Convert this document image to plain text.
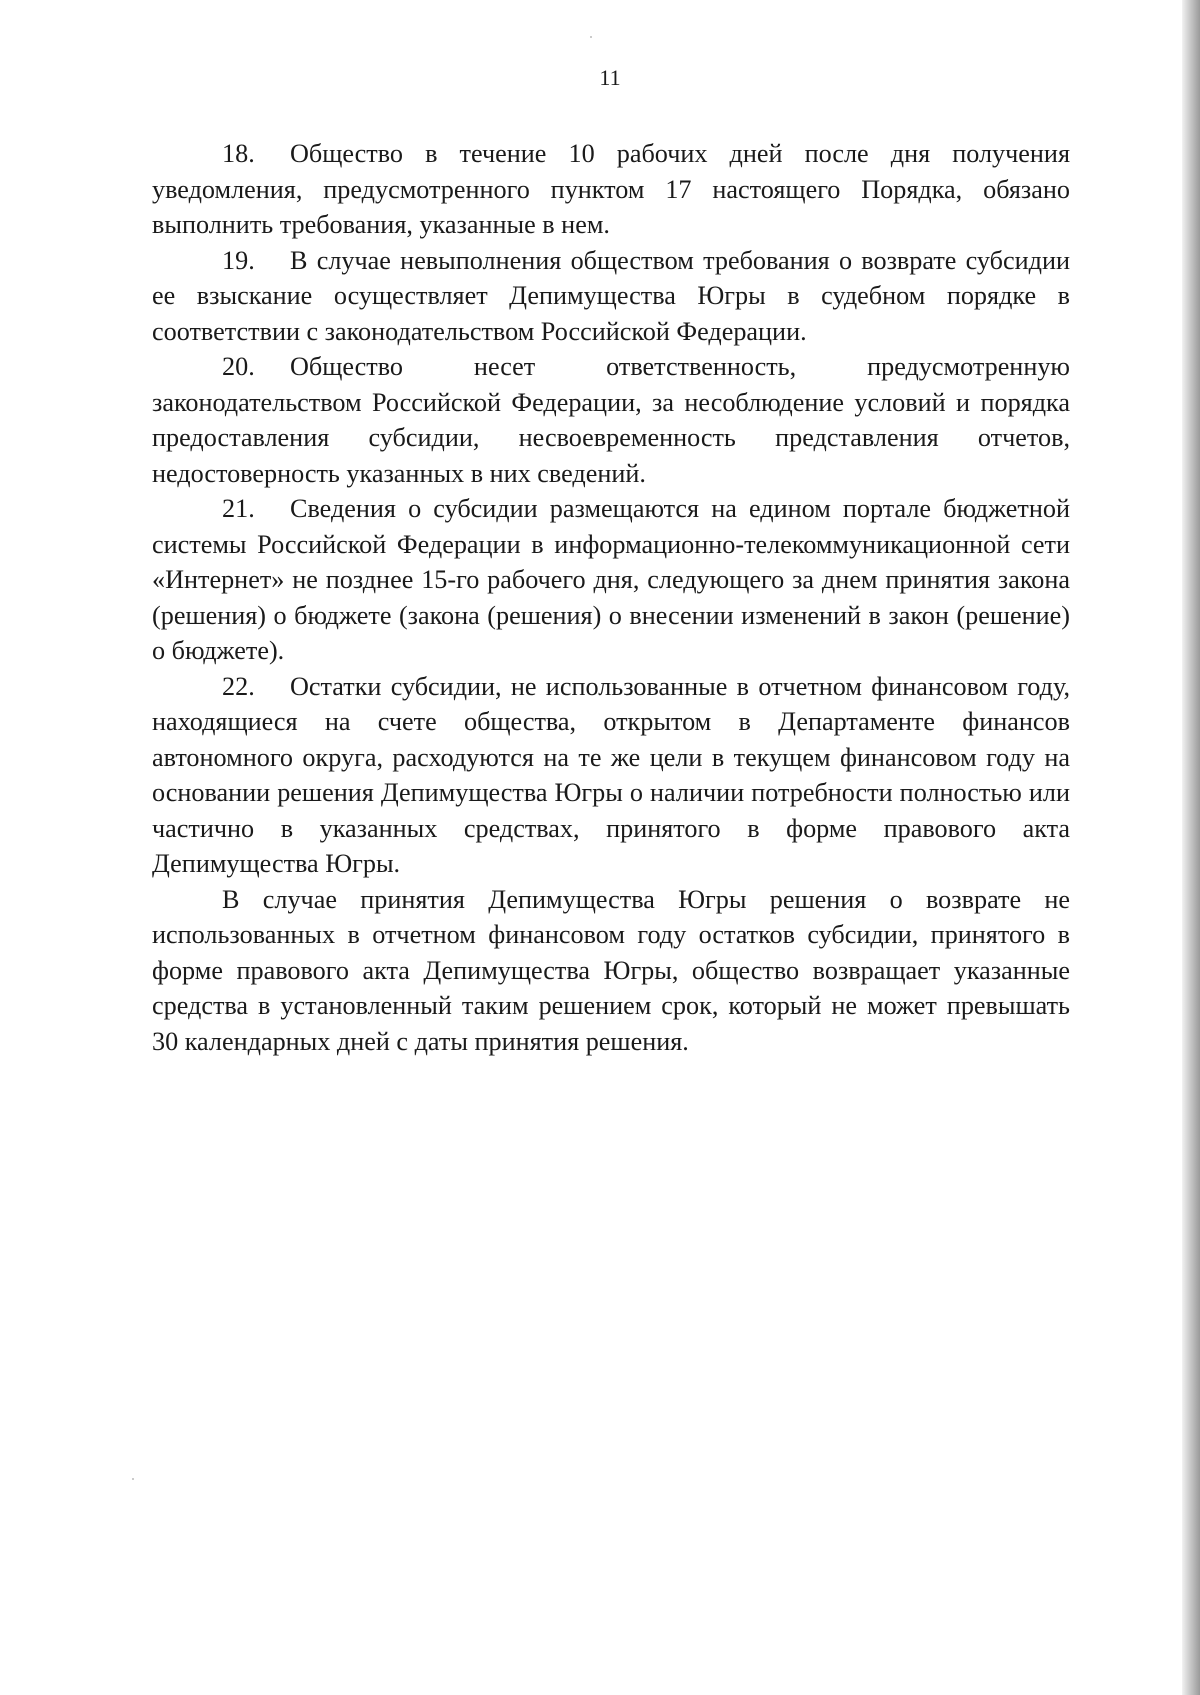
11

18. Общество в течение 10 рабочих дней после дня получения уведомления, предусмотренного пунктом 17 настоящего Порядка, обязано выполнить требования, указанные в нем.

19. В случае невыполнения обществом требования о возврате субсидии ее взыскание осуществляет Депимущества Югры в судебном порядке в соответствии с законодательством Российской Федерации.

20. Общество несет ответственность, предусмотренную законодательством Российской Федерации, за несоблюдение условий и порядка предоставления субсидии, несвоевременность представления отчетов, недостоверность указанных в них сведений.

21. Сведения о субсидии размещаются на едином портале бюджетной системы Российской Федерации в информационно-телекоммуникационной сети «Интернет» не позднее 15-го рабочего дня, следующего за днем принятия закона (решения) о бюджете (закона (решения) о внесении изменений в закон (решение) о бюджете).

22. Остатки субсидии, не использованные в отчетном финансовом году, находящиеся на счете общества, открытом в Департаменте финансов автономного округа, расходуются на те же цели в текущем финансовом году на основании решения Депимущества Югры о наличии потребности полностью или частично в указанных средствах, принятого в форме правового акта Депимущества Югры.

В случае принятия Депимущества Югры решения о возврате не использованных в отчетном финансовом году остатков субсидии, принятого в форме правового акта Депимущества Югры, общество возвращает указанные средства в установленный таким решением срок, который не может превышать 30 календарных дней с даты принятия решения.
